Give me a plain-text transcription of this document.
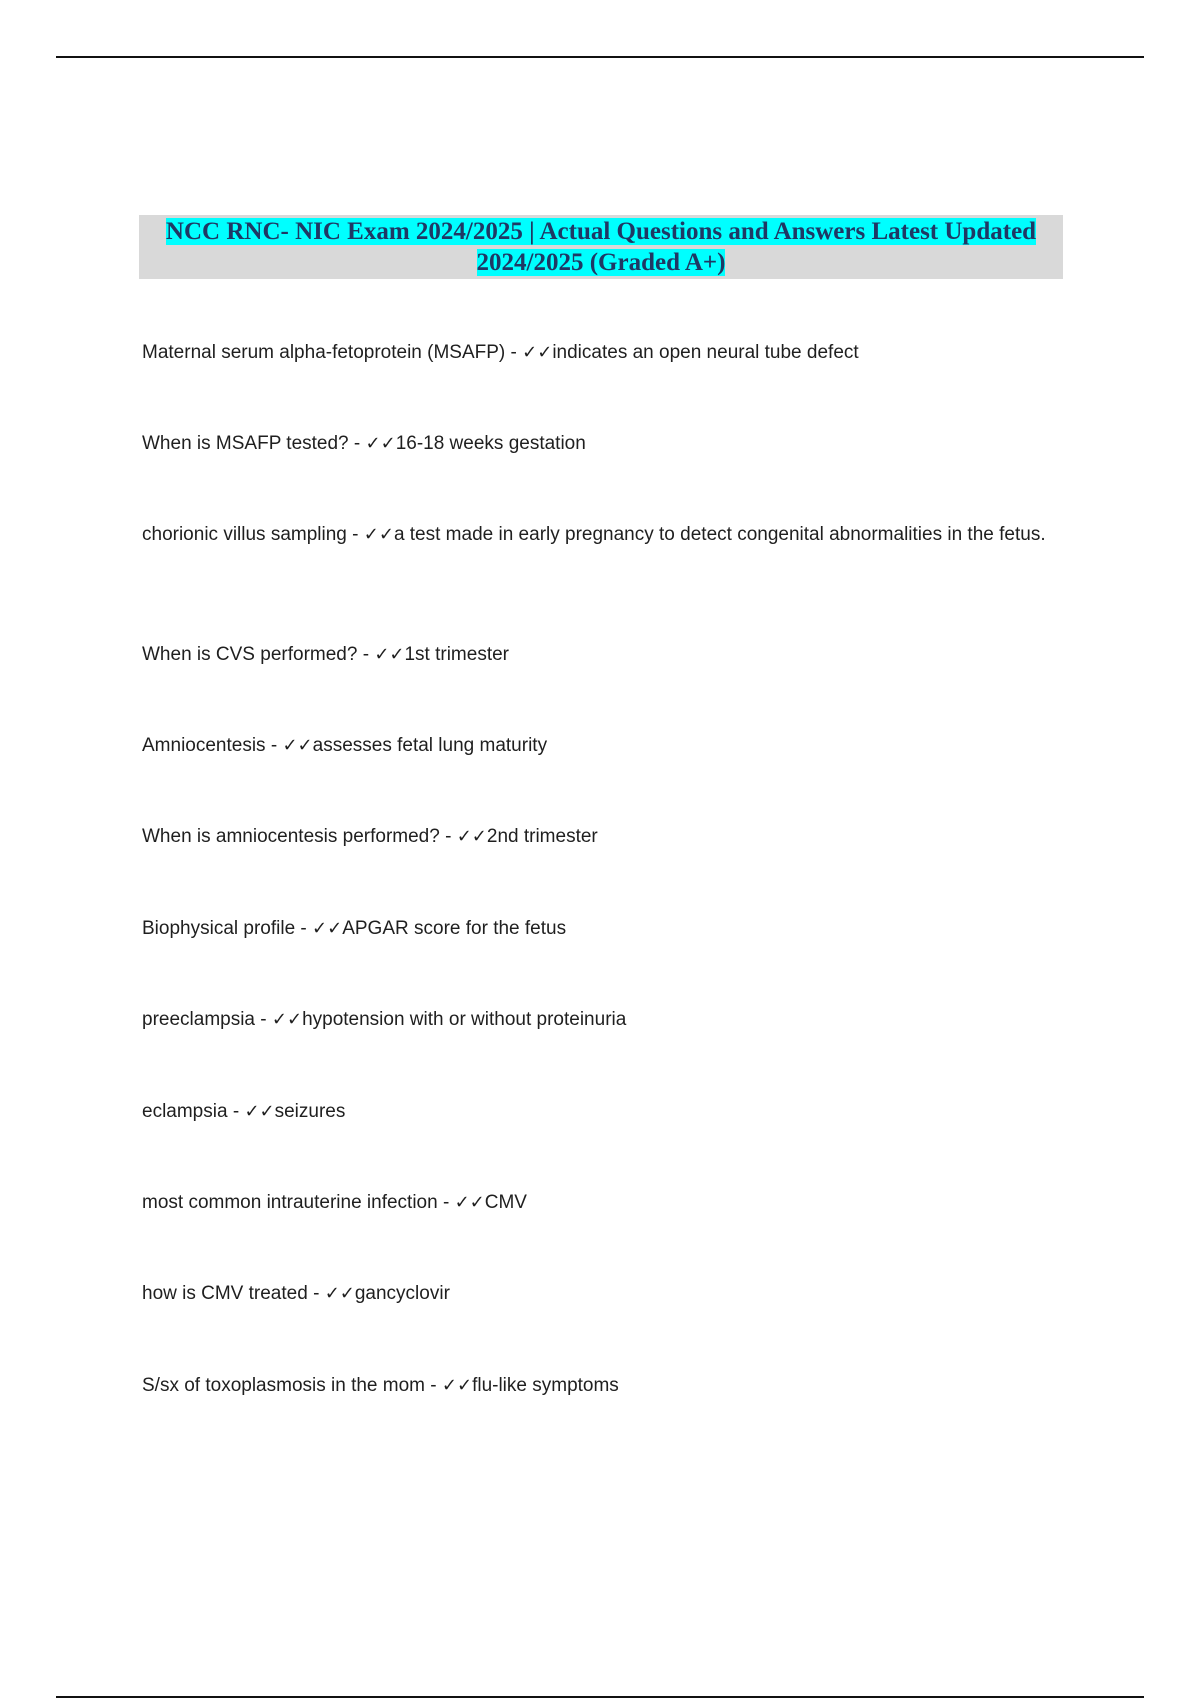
NCC RNC- NIC Exam 2024/2025 | Actual Questions and Answers Latest Updated 2024/2025 (Graded A+)

Maternal serum alpha-fetoprotein (MSAFP) - ✓✓indicates an open neural tube defect

When is MSAFP tested? - ✓✓16-18 weeks gestation

chorionic villus sampling - ✓✓a test made in early pregnancy to detect congenital abnormalities in the fetus.

When is CVS performed? - ✓✓1st trimester

Amniocentesis - ✓✓assesses fetal lung maturity

When is amniocentesis performed? - ✓✓2nd trimester

Biophysical profile - ✓✓APGAR score for the fetus

preeclampsia - ✓✓hypotension with or without proteinuria

eclampsia - ✓✓seizures

most common intrauterine infection - ✓✓CMV

how is CMV treated - ✓✓gancyclovir

S/sx of toxoplasmosis in the mom - ✓✓flu-like symptoms
